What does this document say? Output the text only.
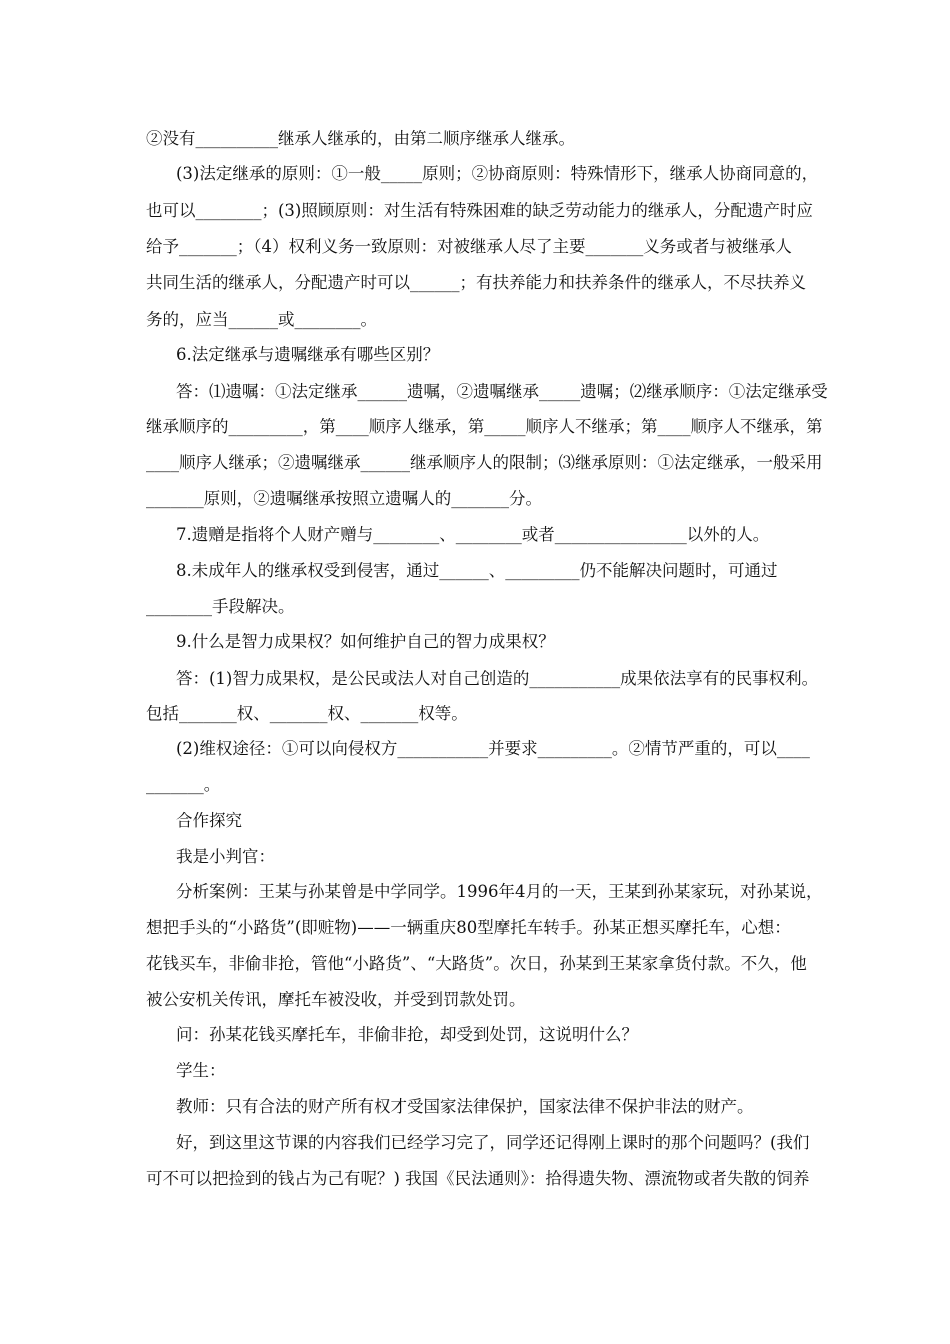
②没有__________继承人继承的，由第二顺序继承人继承。
(3)法定继承的原则：①一般_____原则；②协商原则：特殊情形下，继承人协商同意的，
也可以________；(3)照顾原则：对生活有特殊困难的缺乏劳动能力的继承人，分配遗产时应
给予_______；（4）权利义务一致原则：对被继承人尽了主要_______义务或者与被继承人
共同生活的继承人，分配遗产时可以______；有扶养能力和扶养条件的继承人，不尽扶养义
务的，应当______或________。
6.法定继承与遗嘱继承有哪些区别？
答：⑴遗嘱：①法定继承______遗嘱，②遗嘱继承_____遗嘱；⑵继承顺序：①法定继承受
继承顺序的_________，第____顺序人继承，第_____顺序人不继承；第____顺序人不继承，第
____顺序人继承；②遗嘱继承______继承顺序人的限制；⑶继承原则：①法定继承，一般采用
_______原则，②遗嘱继承按照立遗嘱人的_______分。
7.遗赠是指将个人财产赠与________、________或者________________以外的人。
8.未成年人的继承权受到侵害，通过______、_________仍不能解决问题时，可通过
________手段解决。
9.什么是智力成果权？如何维护自己的智力成果权？
答：(1)智力成果权，是公民或法人对自己创造的___________成果依法享有的民事权利。
包括_______权、_______权、_______权等。
(2)维权途径：①可以向侵权方___________并要求_________。②情节严重的，可以____
_______。
合作探究
我是小判官：
分析案例：王某与孙某曾是中学同学。1996年4月的一天，王某到孙某家玩，对孙某说，
想把手头的“小路货”(即赃物)——一辆重庆80型摩托车转手。孙某正想买摩托车，心想：
花钱买车，非偷非抢，管他“小路货”、“大路货”。次日，孙某到王某家拿货付款。不久，他
被公安机关传讯，摩托车被没收，并受到罚款处罚。
问：孙某花钱买摩托车，非偷非抢，却受到处罚，这说明什么？
学生：
教师：只有合法的财产所有权才受国家法律保护，国家法律不保护非法的财产。
好，到这里这节课的内容我们已经学习完了，同学还记得刚上课时的那个问题吗？(我们
可不可以把捡到的钱占为己有呢？) 我国《民法通则》：拾得遗失物、漂流物或者失散的饲养
